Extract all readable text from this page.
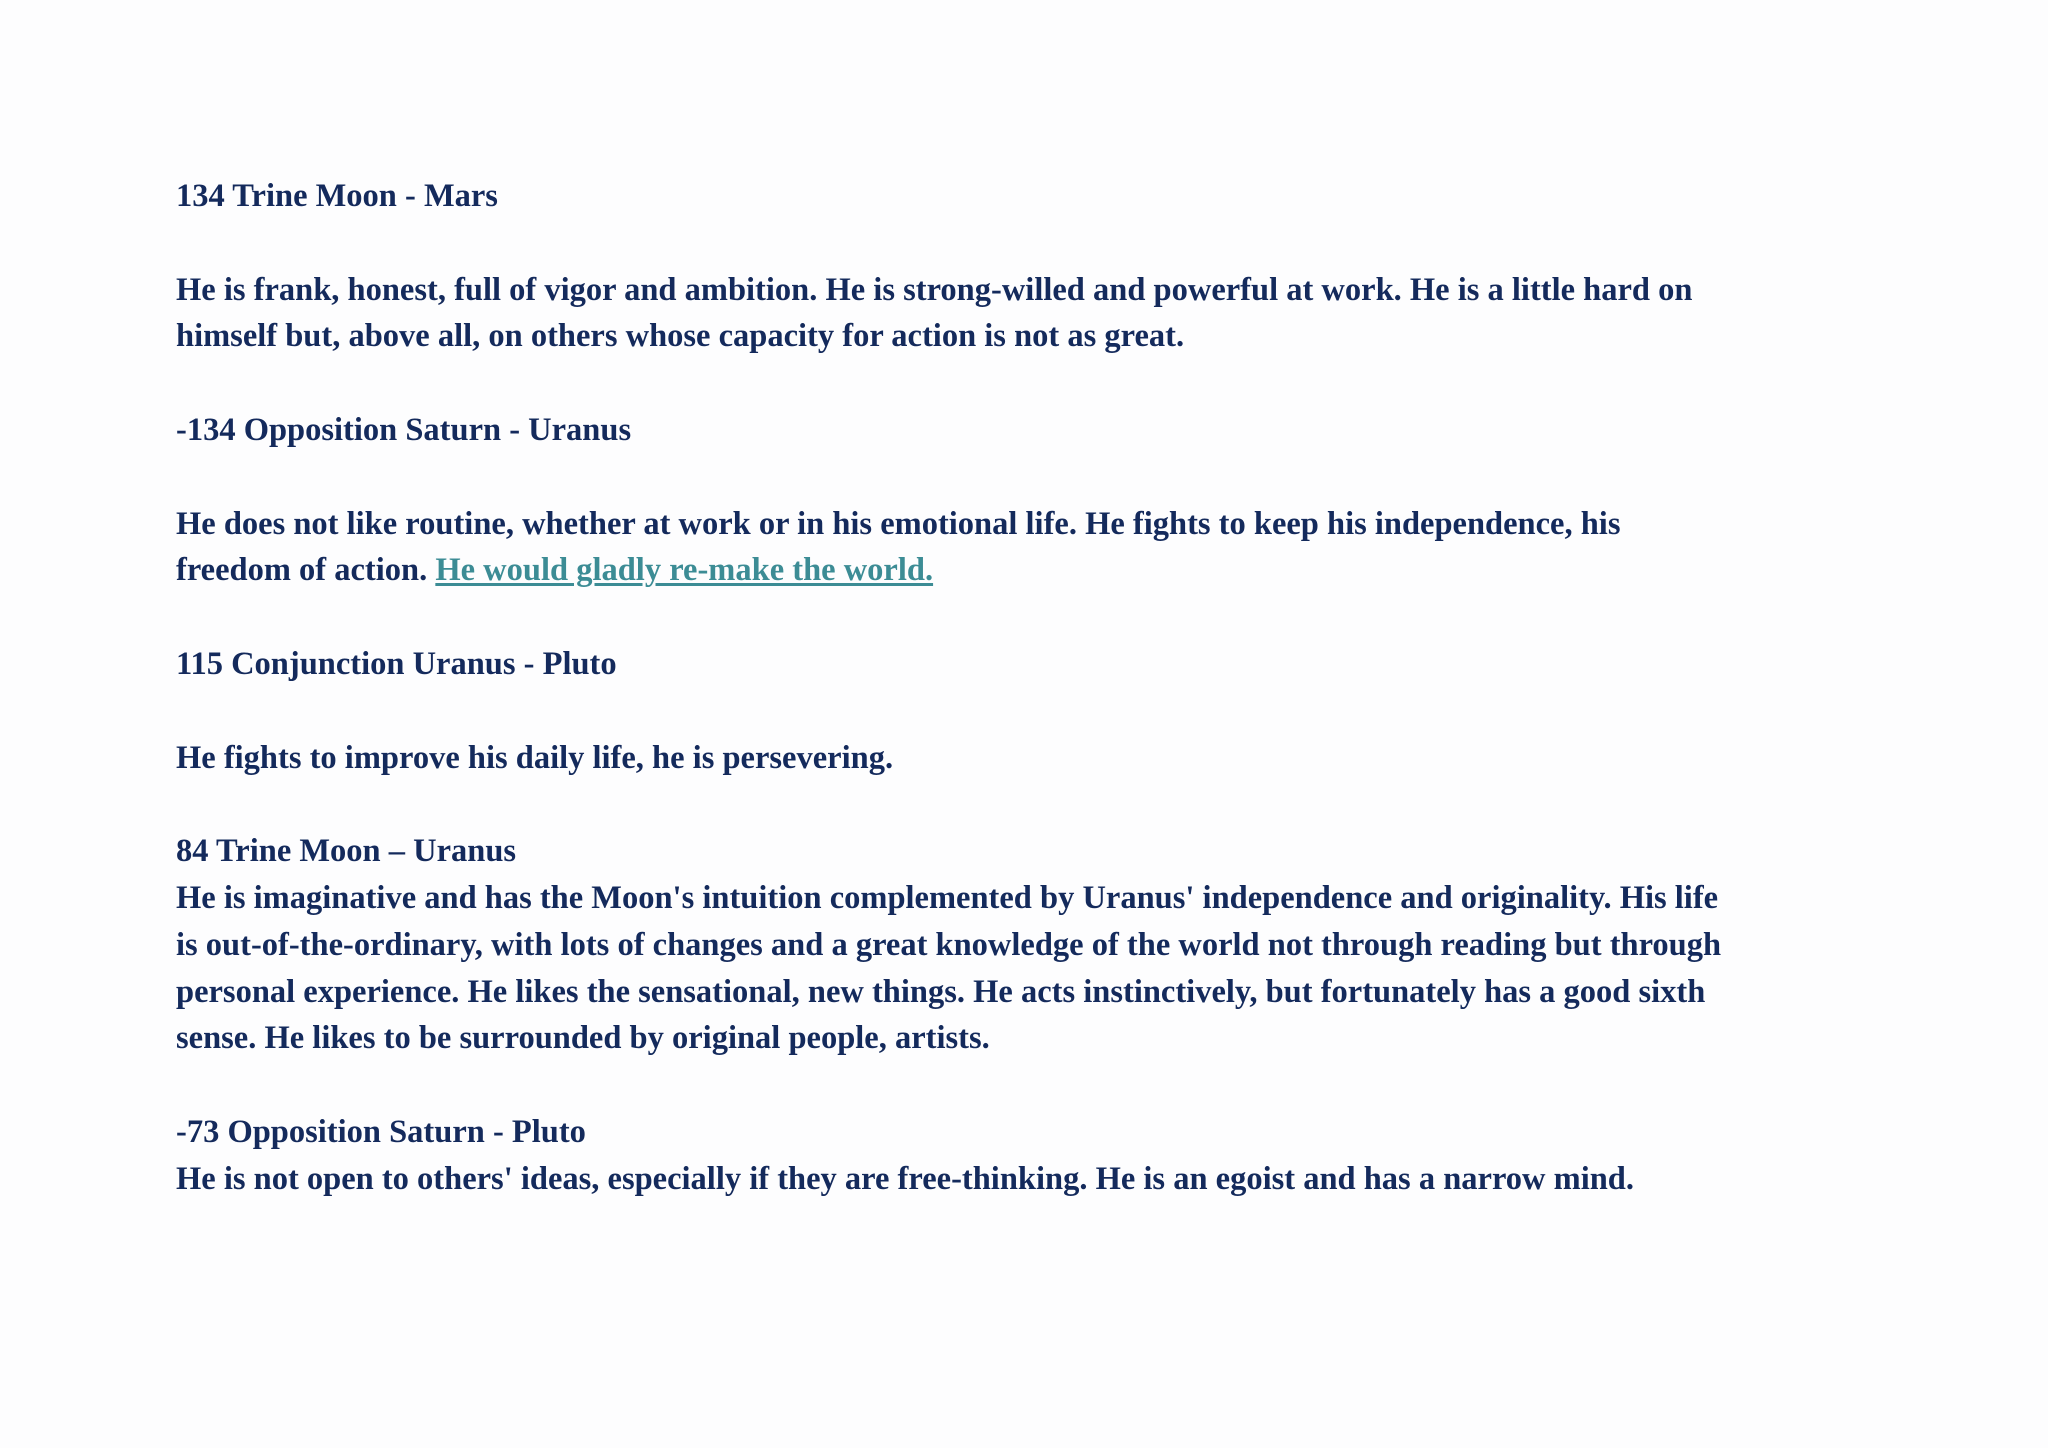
134 Trine Moon - Mars
He is frank, honest, full of vigor and ambition. He is strong-willed and powerful at work. He is a little hard on
himself but, above all, on others whose capacity for action is not as great.
-134 Opposition Saturn - Uranus
He does not like routine, whether at work or in his emotional life. He fights to keep his independence, his
freedom of action. He would gladly re-make the world.
115 Conjunction Uranus - Pluto
He fights to improve his daily life, he is persevering.
84 Trine Moon – Uranus
He is imaginative and has the Moon's intuition complemented by Uranus' independence and originality. His life
is out-of-the-ordinary, with lots of changes and a great knowledge of the world not through reading but through
personal experience. He likes the sensational, new things. He acts instinctively, but fortunately has a good sixth
sense. He likes to be surrounded by original people, artists.
-73 Opposition Saturn - Pluto
He is not open to others' ideas, especially if they are free-thinking. He is an egoist and has a narrow mind.
